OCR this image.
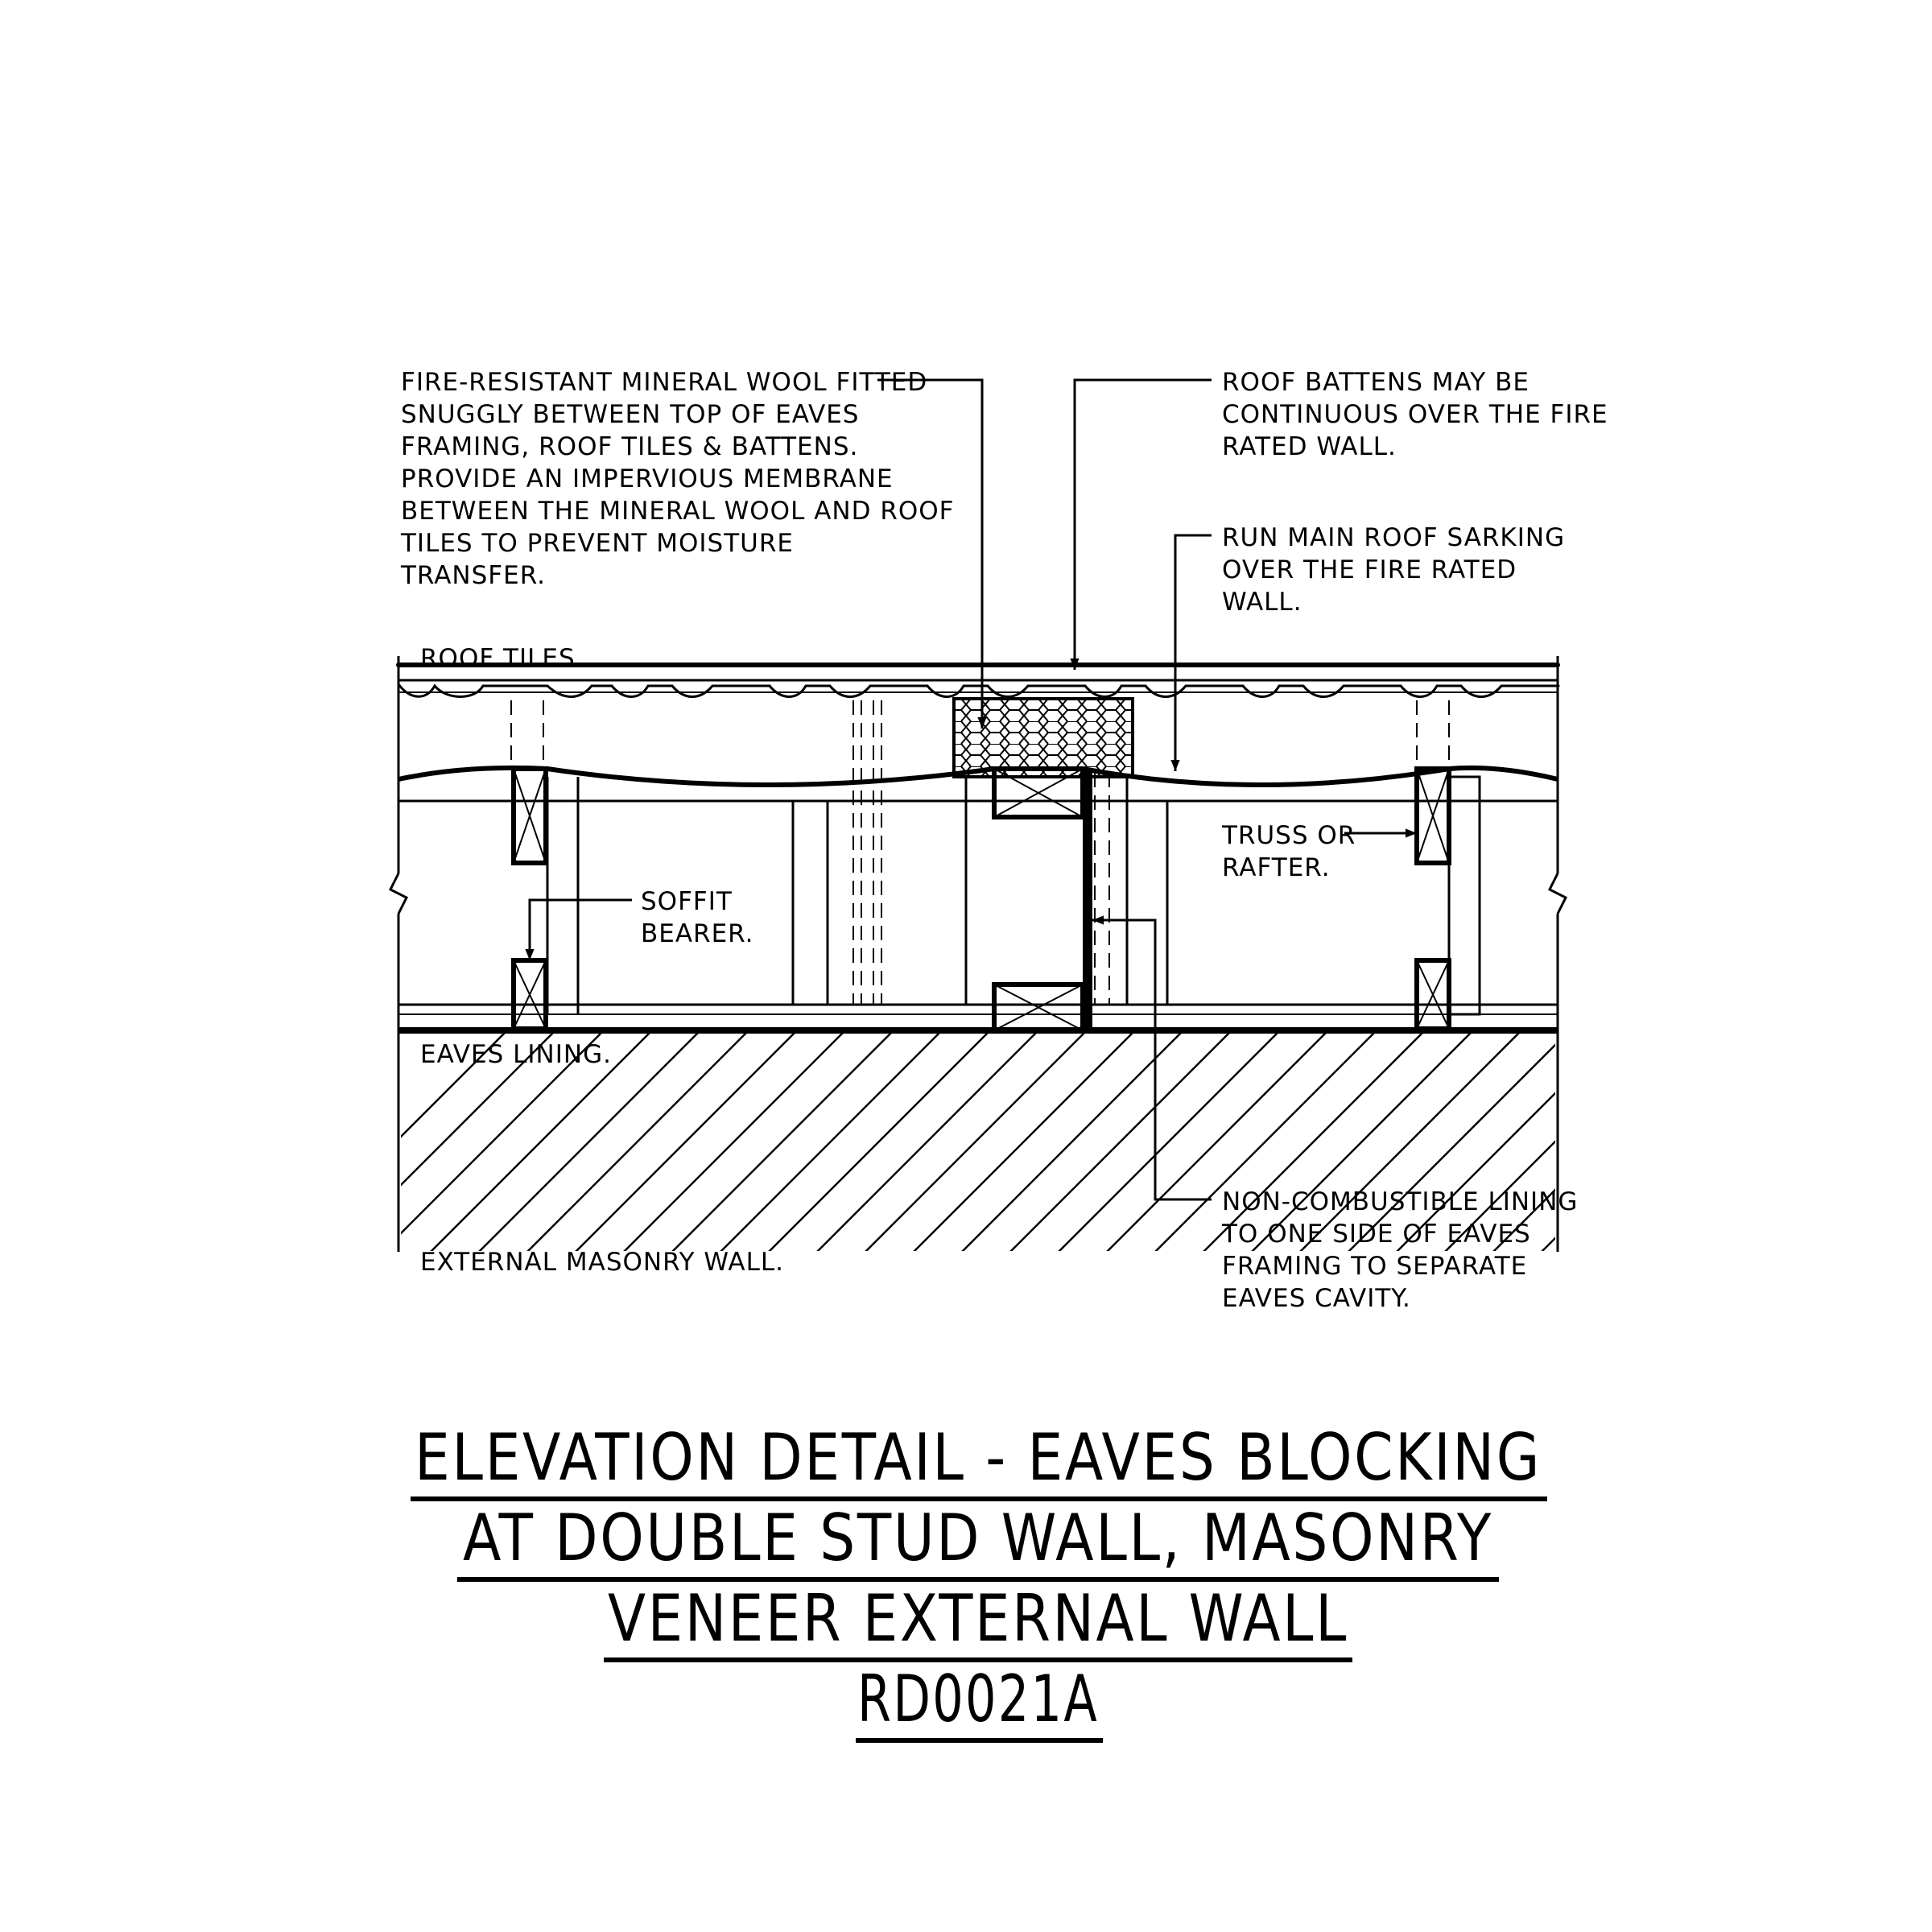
FIRE-RESISTANT MINERAL WOOL FITTED
SNUGGLY BETWEEN TOP OF EAVES
FRAMING, ROOF TILES & BATTENS.
PROVIDE AN IMPERVIOUS MEMBRANE
BETWEEN THE MINERAL WOOL AND ROOF
TILES TO PREVENT MOISTURE
TRANSFER.
ROOF BATTENS MAY BE
CONTINUOUS OVER THE FIRE
RATED WALL.
RUN MAIN ROOF SARKING
OVER THE FIRE RATED
WALL.
ROOF TILES.
TRUSS OR
RAFTER.
SOFFIT
BEARER.
EAVES LINING.
EXTERNAL MASONRY WALL.
NON-COMBUSTIBLE LINING
TO ONE SIDE OF EAVES
FRAMING TO SEPARATE
EAVES CAVITY.
ELEVATION DETAIL - EAVES BLOCKING
AT DOUBLE STUD WALL, MASONRY
VENEER EXTERNAL WALL
RD0021A
